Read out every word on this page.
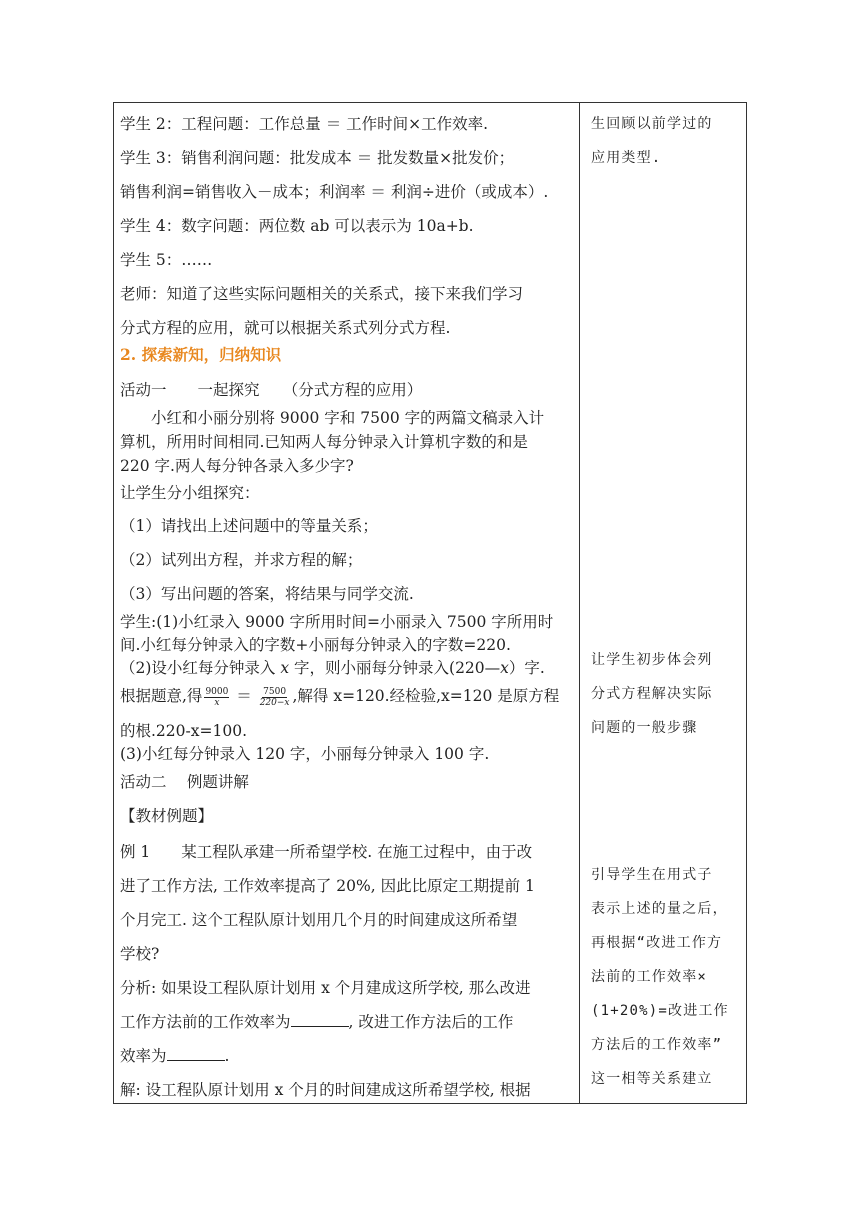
学生 2：工程问题：工作总量 ＝ 工作时间×工作效率.
学生 3：销售利润问题：批发成本 ＝ 批发数量×批发价；
销售利润=销售收入－成本；利润率 ＝ 利润÷进价（或成本）.
学生 4：数字问题：两位数 ab 可以表示为 10a+b.
学生 5：……
老师：知道了这些实际问题相关的关系式，接下来我们学习
分式方程的应用，就可以根据关系式列分式方程.
2. 探索新知，归纳知识
活动一　　一起探究　　（分式方程的应用）
　　小红和小丽分别将 9000 字和 7500 字的两篇文稿录入计
算机，所用时间相同.已知两人每分钟录入计算机字数的和是
220 字.两人每分钟各录入多少字?
让学生分小组探究：
（1）请找出上述问题中的等量关系；
（2）试列出方程，并求方程的解；
（3）写出问题的答案，将结果与同学交流.
学生:(1)小红录入 9000 字所用时间=小丽录入 7500 字所用时
间.小红每分钟录入的字数+小丽每分钟录入的字数=220.
（2)设小红每分钟录入 x 字，则小丽每分钟录入(220—x）字.
根据题意,得 $\frac{9000}{x} = \frac{7500}{220-x}$ ,解得 x=120.经检验,x=120 是原方程
的根.220-x=100.
(3)小红每分钟录入 120 字，小丽每分钟录入 100 字.
活动二　 例题讲解
【教材例题】
例 1　　某工程队承建一所希望学校. 在施工过程中，由于改
进了工作方法, 工作效率提高了 20%, 因此比原定工期提前 1
个月完工. 这个工程队原计划用几个月的时间建成这所希望
学校?
分析: 如果设工程队原计划用 x 个月建成这所学校, 那么改进
工作方法前的工作效率为	, 改进工作方法后的工作
效率为	.
解: 设工程队原计划用 x 个月的时间建成这所希望学校, 根据
生回顾以前学过的
应用类型.
让学生初步体会列
分式方程解决实际
问题的一般步骤
引导学生在用式子
表示上述的量之后，
再根据“改进工作方
法前的工作效率×
(1+20%)=改进工作
方法后的工作效率”
这一相等关系建立
